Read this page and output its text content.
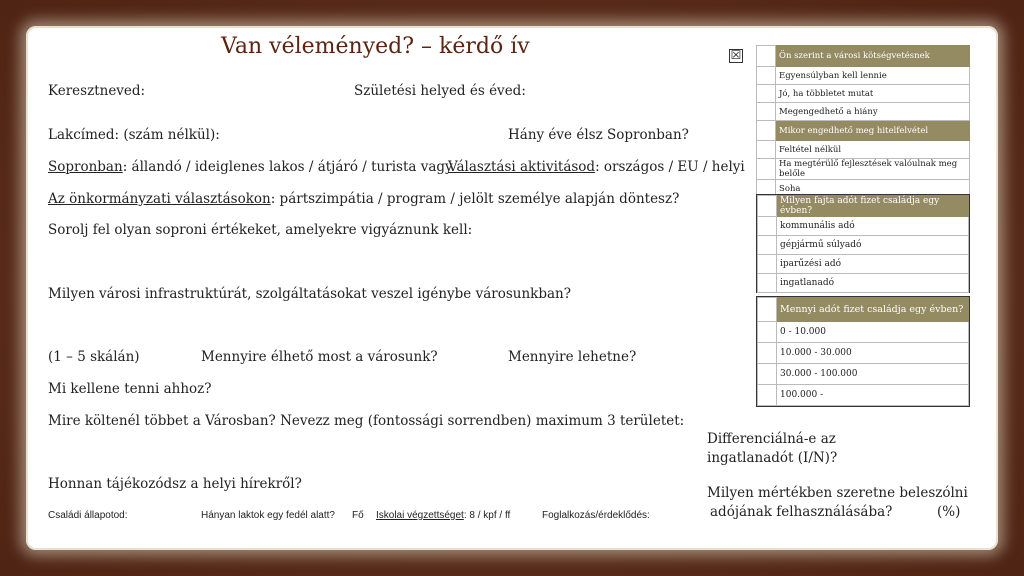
Van véleményed? – kérdő ív
Keresztneved:	Születési helyed és éved:
Lakcímed: (szám nélkül):	Hány éve élsz Sopronban?
Sopronban: állandó / ideiglenes lakos / átjáró / turista vagy
Választási aktivitásod: országos / EU / helyi
Az önkormányzati választásokon: pártszimpátia / program / jelölt személye alapján döntesz?
Sorolj fel olyan soproni értékeket, amelyekre vigyáznunk kell:
Milyen városi infrastruktúrát, szolgáltatásokat veszel igénybe városunkban?
(1 – 5 skálán)	Mennyire élhető most a városunk?	Mennyire lehetne?
Mi kellene tenni ahhoz?
Mire költenél többet a Városban? Nevezz meg (fontossági sorrendben) maximum 3 területet:
Honnan tájékozódsz a helyi hírekről?
Családi állapotod:	Hányan laktok egy fedél alatt? Fő Iskolai végzettséget: 8 / kpf / ff	Foglalkozás/érdeklődés:
Differenciálná-e az
ingatlanadót (I/N)?
Milyen mértékben szeretne beleszólni
adójának felhasználásába?	(%)
☒
		Ön szerint a városi kötségvetésnek
	Egyensúlyban kell lennie
	Jó, ha többletet mutat
	Megengedhető a hiány
	Mikor engedhető meg hitelfelvétel
	Feltétel nélkül
	Ha megtérülő fejlesztések valóulnak meg belőle
	Soha
	Milyen fajta adót fizet családja egy évben?
	kommunális adó
	gépjármű súlyadó
	iparűzési adó
	ingatlanadó
	Mennyi adót fizet családja egy évben?
	0 - 10.000
	10.000 - 30.000
	30.000 - 100.000
	100.000 -
